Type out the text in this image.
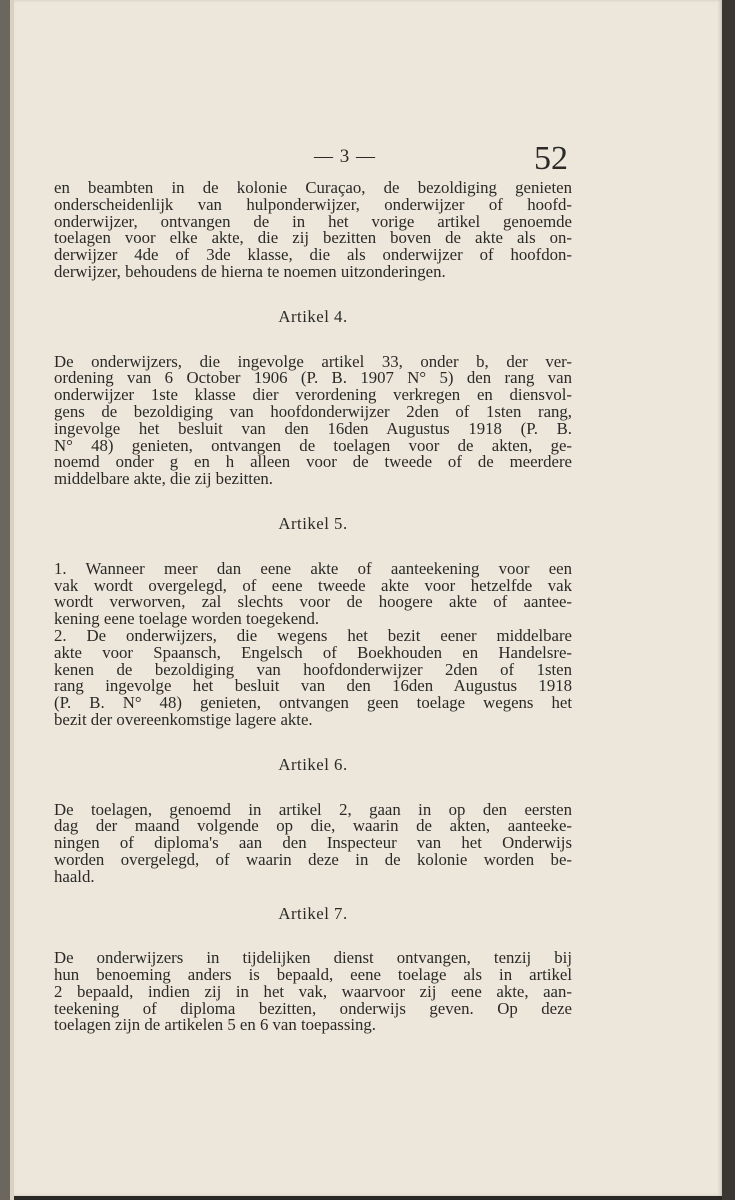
— 3 —	52
en beambten in de kolonie Curaçao, de bezoldiging genieten
onderscheidenlijk van hulponderwijzer, onderwijzer of hoofd-
onderwijzer, ontvangen de in het vorige artikel genoemde
toelagen voor elke akte, die zij bezitten boven de akte als on-
derwijzer 4de of 3de klasse, die als onderwijzer of hoofdon-
derwijzer, behoudens de hierna te noemen uitzonderingen.
Artikel 4.
De onderwijzers, die ingevolge artikel 33, onder b, der ver-
ordening van 6 October 1906 (P. B. 1907 N° 5) den rang van
onderwijzer 1ste klasse dier verordening verkregen en diensvol-
gens de bezoldiging van hoofdonderwijzer 2den of 1sten rang,
ingevolge het besluit van den 16den Augustus 1918 (P. B.
N° 48) genieten, ontvangen de toelagen voor de akten, ge-
noemd onder g en h alleen voor de tweede of de meerdere
middelbare akte, die zij bezitten.
Artikel 5.
1. Wanneer meer dan eene akte of aanteekening voor een
vak wordt overgelegd, of eene tweede akte voor hetzelfde vak
wordt verworven, zal slechts voor de hoogere akte of aantee-
kening eene toelage worden toegekend.
2. De onderwijzers, die wegens het bezit eener middelbare
akte voor Spaansch, Engelsch of Boekhouden en Handelsre-
kenen de bezoldiging van hoofdonderwijzer 2den of 1sten
rang ingevolge het besluit van den 16den Augustus 1918
(P. B. N° 48) genieten, ontvangen geen toelage wegens het
bezit der overeenkomstige lagere akte.
Artikel 6.
De toelagen, genoemd in artikel 2, gaan in op den eersten
dag der maand volgende op die, waarin de akten, aanteeke-
ningen of diploma's aan den Inspecteur van het Onderwijs
worden overgelegd, of waarin deze in de kolonie worden be-
haald.
Artikel 7.
De onderwijzers in tijdelijken dienst ontvangen, tenzij bij
hun benoeming anders is bepaald, eene toelage als in artikel
2 bepaald, indien zij in het vak, waarvoor zij eene akte, aan-
teekening of diploma bezitten, onderwijs geven. Op deze
toelagen zijn de artikelen 5 en 6 van toepassing.
